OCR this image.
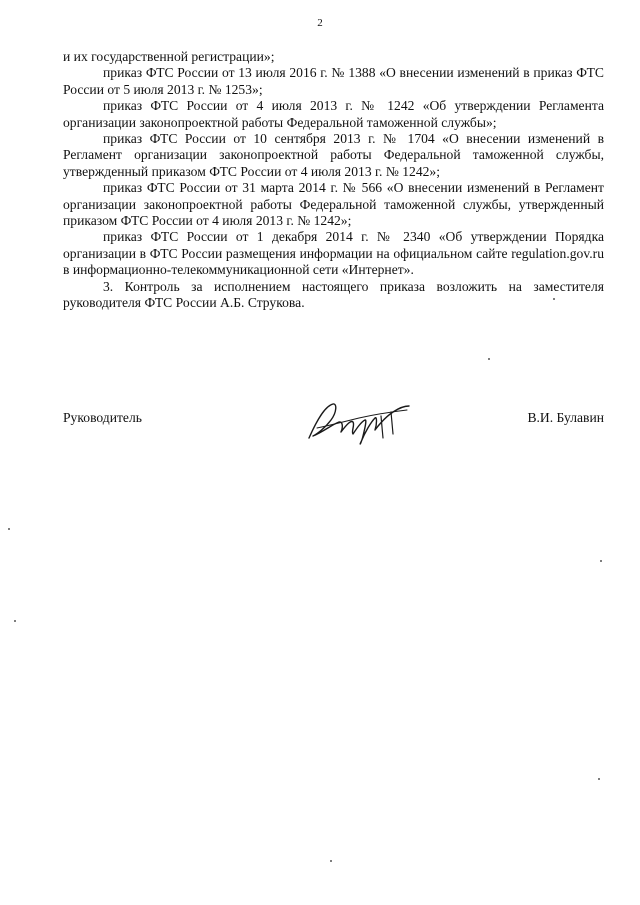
2

и их государственной регистрации»;

приказ ФТС России от 13 июля 2016 г. № 1388 «О внесении изменений в приказ ФТС России от 5 июля 2013 г. № 1253»;

приказ ФТС России от 4 июля 2013 г. № 1242 «Об утверждении Регламента организации законопроектной работы Федеральной таможенной службы»;

приказ ФТС России от 10 сентября 2013 г. № 1704 «О внесении изменений в Регламент организации законопроектной работы Федеральной таможенной службы, утвержденный приказом ФТС России от 4 июля 2013 г. № 1242»;

приказ ФТС России от 31 марта 2014 г. № 566 «О внесении изменений в Регламент организации законопроектной работы Федеральной таможенной службы, утвержденный приказом ФТС России от 4 июля 2013 г. № 1242»;

приказ ФТС России от 1 декабря 2014 г. № 2340 «Об утверждении Порядка организации в ФТС России размещения информации на официальном сайте regulation.gov.ru в информационно-телекоммуникационной сети «Интернет».

3. Контроль за исполнением настоящего приказа возложить на заместителя руководителя ФТС России А.Б. Струкова.

Руководитель	В.И. Булавин
